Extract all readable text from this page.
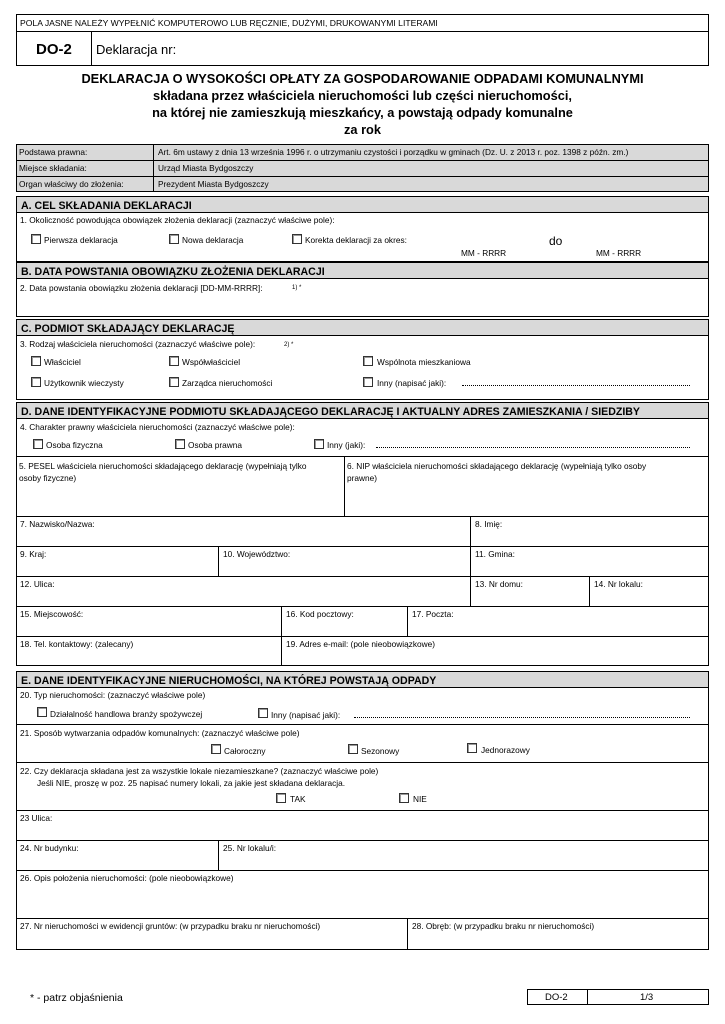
POLA JASNE NALEŻY WYPEŁNIĆ KOMPUTEROWO LUB RĘCZNIE, DUŻYMI, DRUKOWANYMI LITERAMI
DO-2 Deklaracja nr:
DEKLARACJA O WYSOKOŚCI OPŁATY ZA GOSPODAROWANIE ODPADAMI KOMUNALNYMI
składana przez właściciela nieruchomości lub części nieruchomości,
na której nie zamieszkują mieszkańcy, a powstają odpady komunalne
za rok
Podstawa prawna:	Art. 6m ustawy z dnia 13 września 1996 r. o utrzymaniu czystości i porządku w gminach (Dz. U. z 2013 r. poz. 1398 z późn. zm.)
Miejsce składania:	Urząd Miasta Bydgoszczy
Organ właściwy do złożenia:	Prezydent Miasta Bydgoszczy
A. CEL SKŁADANIA DEKLARACJI
1. Okoliczność powodująca obowiązek złożenia deklaracji (zaznaczyć właściwe pole):
Pierwsza deklaracja	Nowa deklaracja	Korekta deklaracji za okres:	do
MM - RRRR	MM - RRRR
B. DATA POWSTANIA OBOWIĄZKU ZŁOŻENIA DEKLARACJI
2. Data powstania obowiązku złożenia deklaracji [DD-MM-RRRR]:	1) *
C. PODMIOT SKŁADAJĄCY DEKLARACJĘ
3. Rodzaj właściciela nieruchomości (zaznaczyć właściwe pole):	2) *
Właściciel	Współwłaściciel	Wspólnota mieszkaniowa
Użytkownik wieczysty	Zarządca nieruchomości	Inny (napisać jaki):
D. DANE IDENTYFIKACYJNE PODMIOTU SKŁADAJĄCEGO DEKLARACJĘ I AKTUALNY ADRES ZAMIESZKANIA / SIEDZIBY
4. Charakter prawny właściciela nieruchomości (zaznaczyć właściwe pole):
Osoba fizyczna	Osoba prawna	Inny (jaki):
5. PESEL właściciela nieruchomości składającego deklarację (wypełniają tylko
osoby fizyczne)
6. NIP właściciela nieruchomości składającego deklarację (wypełniają tylko osoby
prawne)
7. Nazwisko/Nazwa:	8. Imię:
9. Kraj:	10. Województwo:	11. Gmina:
12. Ulica:	13. Nr domu:	14. Nr lokalu:
15. Miejscowość:	16. Kod pocztowy:	17. Poczta:
18. Tel. kontaktowy: (zalecany)	19. Adres e-mail: (pole nieobowiązkowe)
E. DANE IDENTYFIKACYJNE NIERUCHOMOŚCI, NA KTÓREJ POWSTAJĄ ODPADY
20. Typ nieruchomości: (zaznaczyć właściwe pole)
Działalność handlowa branży spożywczej	Inny (napisać jaki):
21. Sposób wytwarzania odpadów komunalnych: (zaznaczyć właściwe pole)
Całoroczny	Sezonowy	Jednorazowy
22. Czy deklaracja składana jest za wszystkie lokale niezamieszkane? (zaznaczyć właściwe pole)
Jeśli NIE, proszę w poz. 25 napisać numery lokali, za jakie jest składana deklaracja.
TAK	NIE
23 Ulica:
24. Nr budynku:	25. Nr lokalu/i:
26. Opis położenia nieruchomości: (pole nieobowiązkowe)
27. Nr nieruchomości w ewidencji gruntów: (w przypadku braku nr nieruchomości)	28. Obręb: (w przypadku braku nr nieruchomości)
* - patrz objaśnienia	DO-2	1/3
